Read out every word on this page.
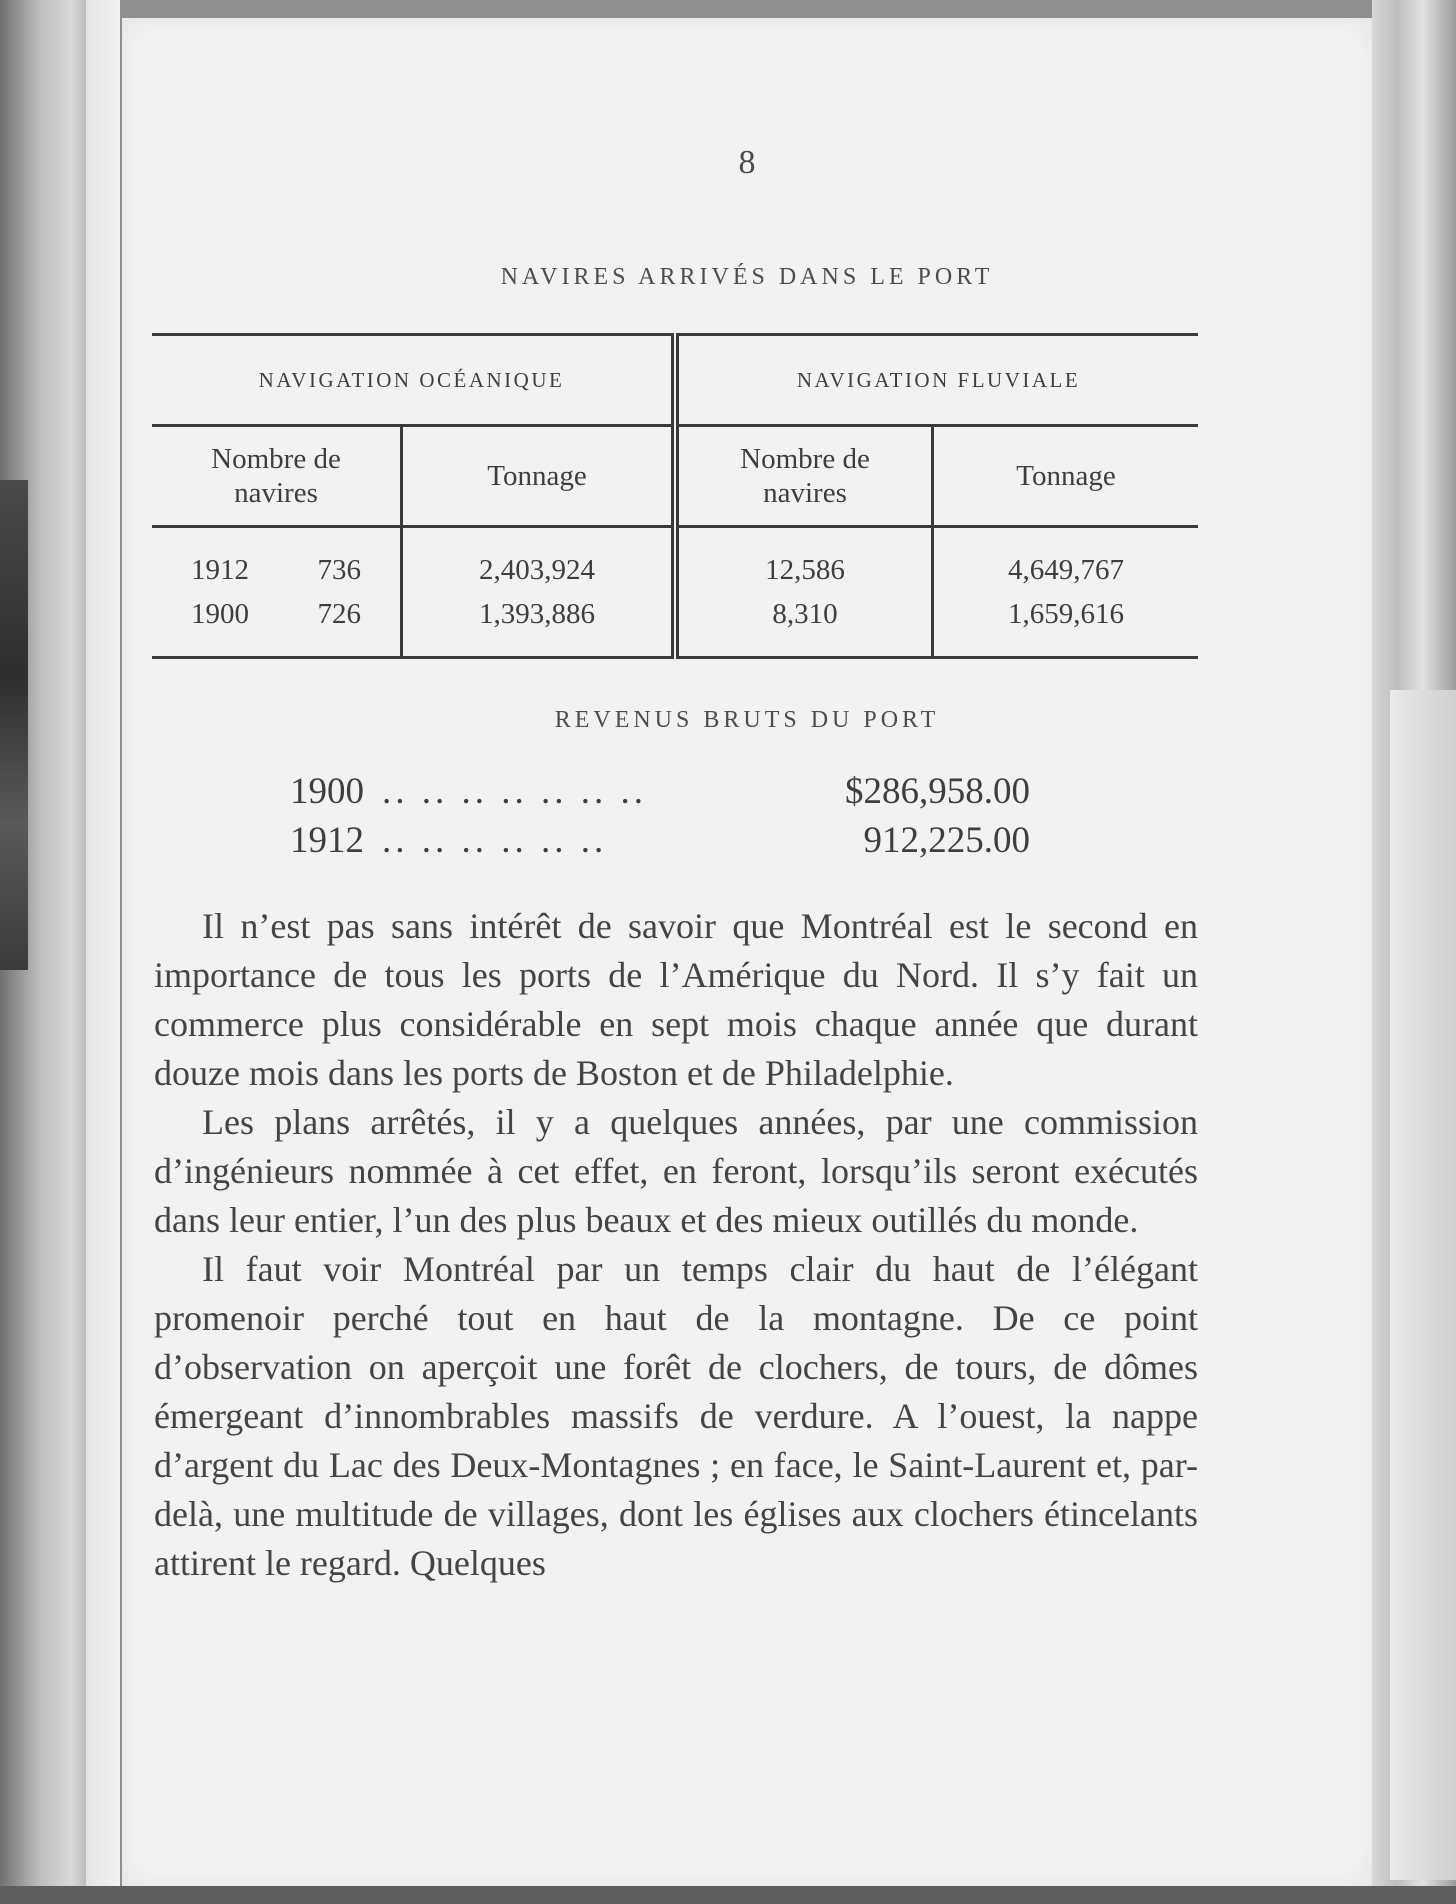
8
NAVIRES ARRIVÉS DANS LE PORT
NAVIGATION OCÉANIQUE		NAVIGATION FLUVIALE	
Nombre de navires	Tonnage	Nombre de navires	Tonnage
1912 736	2,403,924	12,586	4,649,767
1900 726	1,393,886	8,310	1,659,616
REVENUS BRUTS DU PORT
1900 .. .. .. .. .. .. ..	$286,958.00
1912 .. .. .. .. .. ..	912,225.00

Il n’est pas sans intérêt de savoir que Montréal est le second en importance de tous les ports de l’Amérique du Nord. Il s’y fait un commerce plus considérable en sept mois chaque année que durant douze mois dans les ports de Boston et de Philadelphie.

Les plans arrêtés, il y a quelques années, par une commission d’ingénieurs nommée à cet effet, en feront, lorsqu’ils seront exécutés dans leur entier, l’un des plus beaux et des mieux outillés du monde.

Il faut voir Montréal par un temps clair du haut de l’élégant promenoir perché tout en haut de la montagne. De ce point d’observation on aperçoit une forêt de clochers, de tours, de dômes émergeant d’innombrables massifs de verdure. A l’ouest, la nappe d’argent du Lac des Deux-Montagnes ; en face, le Saint-Laurent et, par-delà, une multitude de villages, dont les églises aux clochers étincelants attirent le regard. Quelques
